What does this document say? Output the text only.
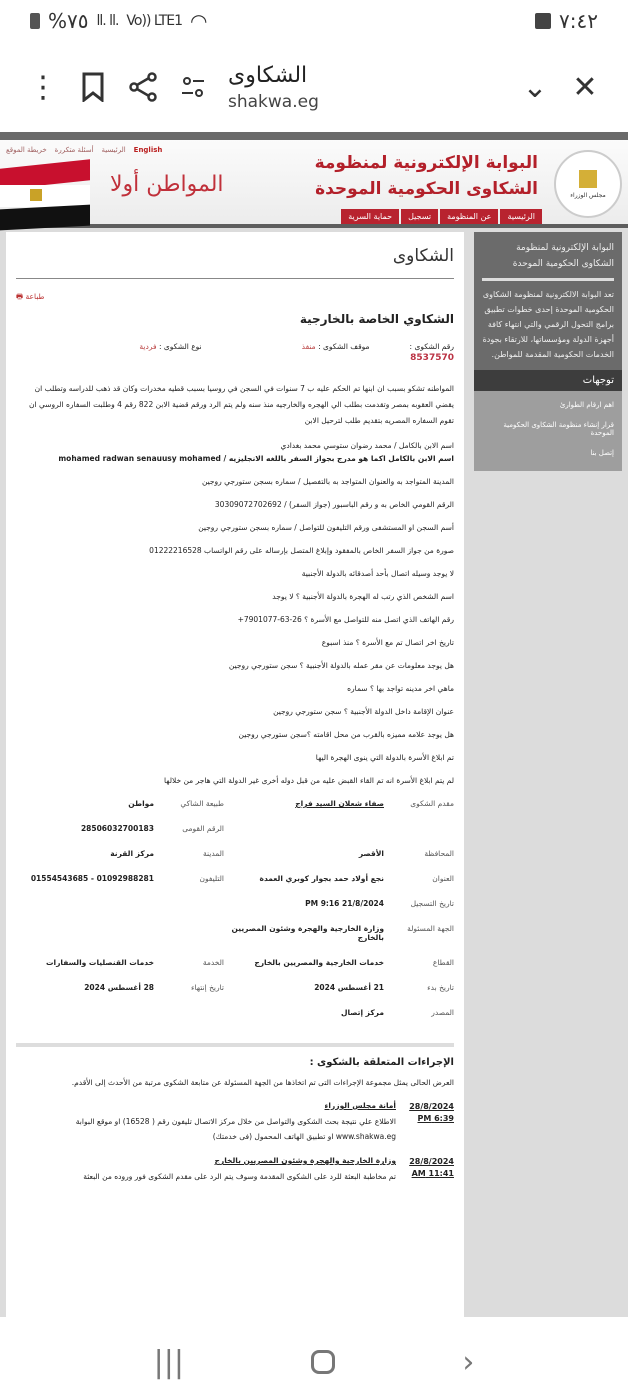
%٧٥ ll. ll. Vo)) LTE1 ◠	٧:٤٢
⋮	الشكاوى
shakwa.eg	⌄ ✕
English
الرئيسية
أسئلة متكررة
خريطة الموقع
المواطن أولا
البوابة الإلكترونية لمنظومة
الشكاوى الحكومية الموحدة	مجلس الوزراء
الرئيسية
عن المنظومة
تسجيل
حماية السرية
البوابة الإلكترونية لمنظومة الشكاوى الحكومية الموحدة
تعد البوابة الالكترونية لمنظومة الشكاوى الحكومية الموحدة إحدى خطوات تطبيق برامج التحول الرقمي والتي انتهاء كافة أجهزة الدولة ومؤسساتها، للارتقاء بجودة الخدمات الحكومية المقدمة للمواطن.
توجهات
اهم ارقام الطوارئ
قرار إنشاء منظومة الشكاوى الحكومية الموحدة
إتصل بنا
الشكاوى
🖶 طباعة
الشكاوي الخاصة بالخارجية
رقم الشكوى :
8537570
موقف الشكوى : منفذ
نوع الشكوى : فردية
المواطنه تشكو بسبب ان ابنها تم الحكم عليه ب 7 سنوات في السجن في روسيا بسبب قطيه مخدرات وكان قد ذهب للدراسه وتطلب ان يقضي العقوبه بمصر وتقدمت بطلب الي الهجره والخارجيه منذ سنه ولم يتم الرد ورقم قضية الابن 822 رقم 4 وطلبت السفاره الروسي ان تقوم السفاره المصريه بتقديم طلب لترحيل الابن
اسم الابن بالكامل / محمد رضوان ستوسي محمد بغدادي
اسم الابن بالكامل اكما هو مدرج بجواز السفر باللغه الانجليزيه / mohamed radwan senauusy mohamed
المدينة المتواجد به والعنوان المتواجد به بالتفصيل / سماره بسجن ستورجي روجين
الرقم القومي الخاص به و رقم الباسبور (جواز السفر) / 30309072702692
أسم السجن او المستشفى ورقم التليفون للتواصل / سماره بسجن ستورجي روجين
صورة من جواز السفر الخاص بالمفقود وإبلاغ المتصل بإرساله على رقم الواتساب 01222216528
لا يوجد وسيله اتصال بأحد أصدقائه بالدولة الأجنبية
اسم الشخص الذي رتب له الهجرة بالدولة الأجنبية ؟ لا يوجد
رقم الهاتف الذي اتصل منه للتواصل مع الأسرة ؟ 26-63-7901077+
تاريخ اخر اتصال تم مع الأسرة ؟ منذ اسبوع
هل يوجد معلومات عن مقر عمله بالدولة الأجنبية ؟ سجن ستورجي روجين
ماهي اخر مدينه تواجد بها ؟ سماره
عنوان الإقامة داخل الدولة الأجنبية ؟ سجن ستورجي روجين
هل يوجد علامه مميزه بالقرب من محل اقامته ؟سجن ستورجي روجين
تم ابلاغ الأسرة بالدولة التي ينوى الهجرة اليها
لم يتم ابلاغ الأسرة انه تم القاء القبض عليه من قبل دوله أخرى غير الدولة التي هاجر من خلالها
مقدم الشكوى
صفاء شعلان السيد فراج
طبيعة الشاكي
مواطن
الرقم القومى
28506032700183
المحافظة
الأقصر
المدينة
مركز القرنة
العنوان
نجع أولاد حمد بجوار كوبري العمدة
التليفون
01092988281 - 01554543685
تاريخ التسجيل
21/8/2024 9:16 PM
الجهة المسئولة
وزارة الخارجية والهجرة وشئون المصريين بالخارج
القطاع
خدمات الخارجية والمصريين بالخارج
الخدمة
خدمات القنصليات والسفارات
تاريخ بدء
21 أغسطس 2024
تاريخ إنتهاء
28 أغسطس 2024
المصدر
مركز إتصال
الإجراءات المتعلقة بالشكوى :
العرض الحالى يمثل مجموعة الإجراءات التى تم اتخاذها من الجهة المسئولة عن متابعة الشكوى مرتبة من الأحدث إلى الأقدم.
28/8/2024
6:39 PM
أمانة مجلس الوزراء
الاطلاع علي نتيجة بحث الشكوى والتواصل من خلال مركز الاتصال تليفون رقم ( 16528) او موقع البوابة www.shakwa.eg او تطبيق الهاتف المحمول (فى خدمتك)
28/8/2024
11:41 AM
وزارة الخارجية والهجرة وشئون المصريين بالخارج
تم مخاطبة البعثة للرد على الشكوى المقدمة وسوف يتم الرد على مقدم الشكوى فور وروده من البعثة
|||	›
